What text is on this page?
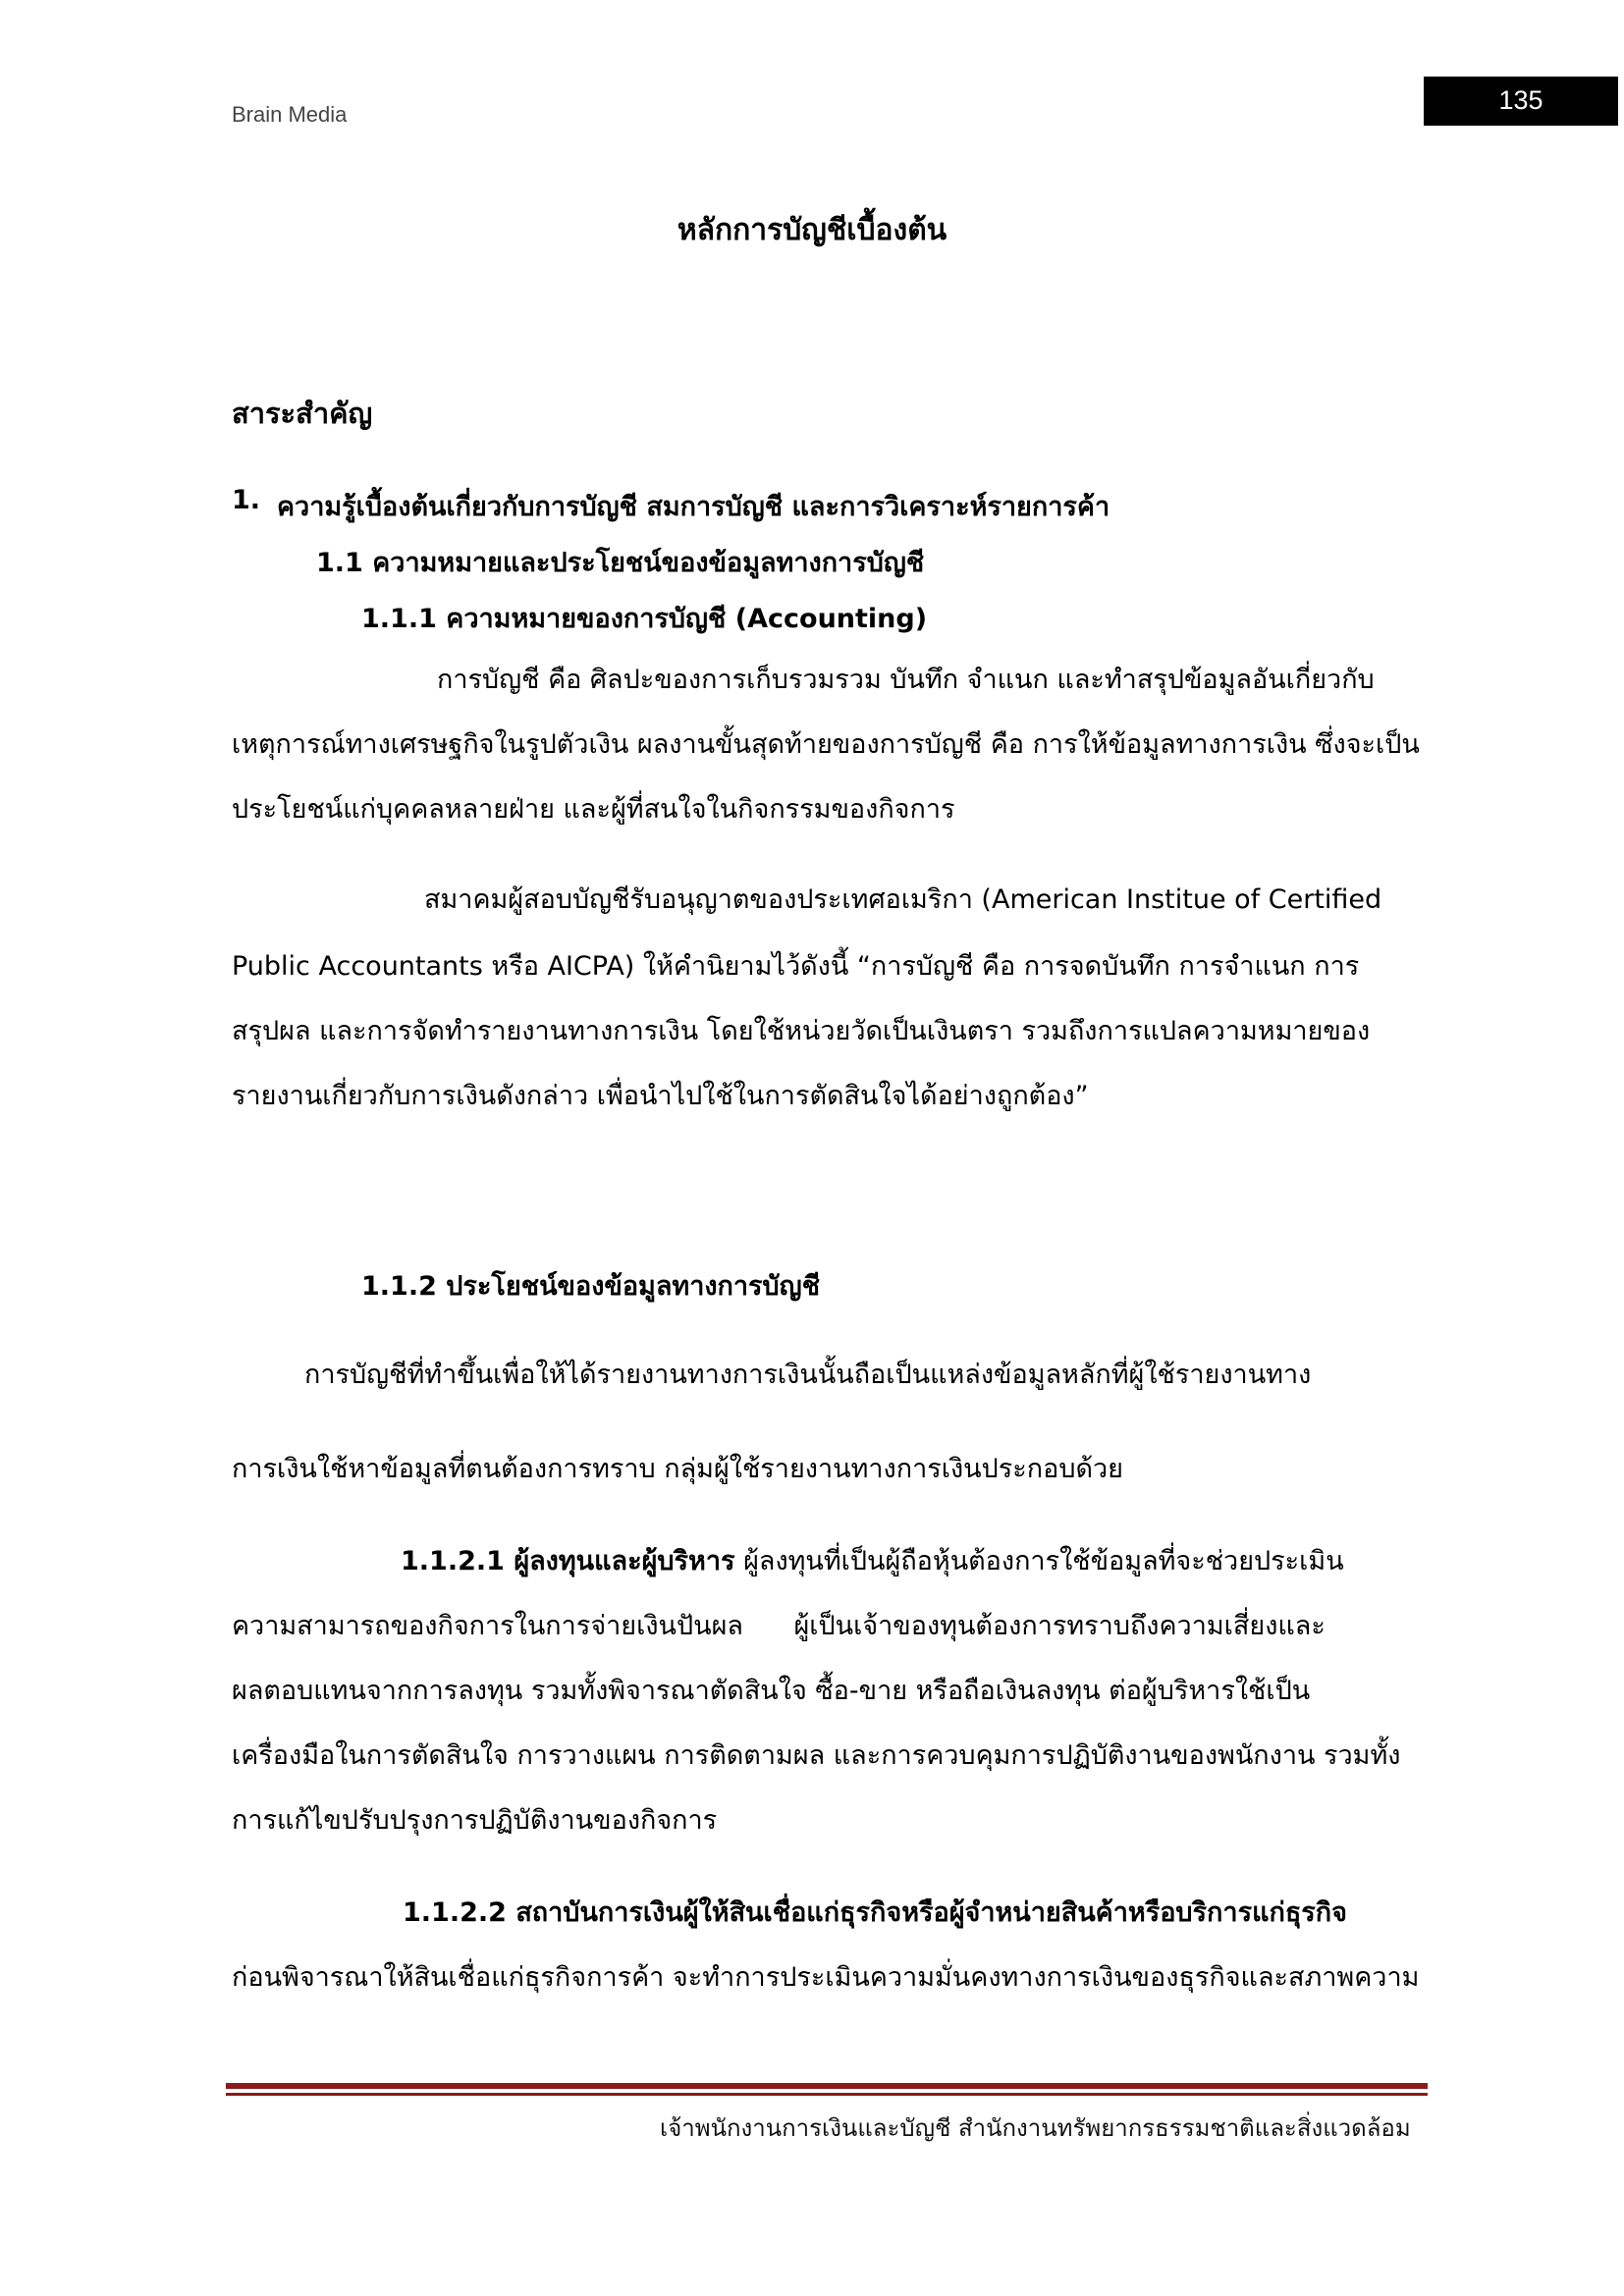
Brain Media	135
หลักการบัญชีเบื้องต้น
สาระสำคัญ
1. ความรู้เบื้องต้นเกี่ยวกับการบัญชี สมการบัญชี และการวิเคราะห์รายการค้า
1.1 ความหมายและประโยชน์ของข้อมูลทางการบัญชี
1.1.1 ความหมายของการบัญชี (Accounting)
การบัญชี คือ ศิลปะของการเก็บรวมรวม บันทึก จำแนก และทำสรุปข้อมูลอันเกี่ยวกับ
เหตุการณ์ทางเศรษฐกิจในรูปตัวเงิน ผลงานขั้นสุดท้ายของการบัญชี คือ การให้ข้อมูลทางการเงิน ซึ่งจะเป็น
ประโยชน์แก่บุคคลหลายฝ่าย และผู้ที่สนใจในกิจกรรมของกิจการ
สมาคมผู้สอบบัญชีรับอนุญาตของประเทศอเมริกา (American Institue of Certified
Public Accountants หรือ AICPA) ให้คำนิยามไว้ดังนี้ “การบัญชี คือ การจดบันทึก การจำแนก การ
สรุปผล และการจัดทำรายงานทางการเงิน โดยใช้หน่วยวัดเป็นเงินตรา รวมถึงการแปลความหมายของ
รายงานเกี่ยวกับการเงินดังกล่าว เพื่อนำไปใช้ในการตัดสินใจได้อย่างถูกต้อง”
1.1.2 ประโยชน์ของข้อมูลทางการบัญชี
การบัญชีที่ทำขึ้นเพื่อให้ได้รายงานทางการเงินนั้นถือเป็นแหล่งข้อมูลหลักที่ผู้ใช้รายงานทาง
การเงินใช้หาข้อมูลที่ตนต้องการทราบ กลุ่มผู้ใช้รายงานทางการเงินประกอบด้วย
1.1.2.1 ผู้ลงทุนและผู้บริหาร ผู้ลงทุนที่เป็นผู้ถือหุ้นต้องการใช้ข้อมูลที่จะช่วยประเมิน
ความสามารถของกิจการในการจ่ายเงินปันผล      ผู้เป็นเจ้าของทุนต้องการทราบถึงความเสี่ยงและ
ผลตอบแทนจากการลงทุน รวมทั้งพิจารณาตัดสินใจ ซื้อ-ขาย หรือถือเงินลงทุน ต่อผู้บริหารใช้เป็น
เครื่องมือในการตัดสินใจ การวางแผน การติดตามผล และการควบคุมการปฏิบัติงานของพนักงาน รวมทั้ง
การแก้ไขปรับปรุงการปฏิบัติงานของกิจการ
1.1.2.2 สถาบันการเงินผู้ให้สินเชื่อแก่ธุรกิจหรือผู้จำหน่ายสินค้าหรือบริการแก่ธุรกิจ
ก่อนพิจารณาให้สินเชื่อแก่ธุรกิจการค้า จะทำการประเมินความมั่นคงทางการเงินของธุรกิจและสภาพความ
เจ้าพนักงานการเงินและบัญชี สำนักงานทรัพยากรธรรมชาติและสิ่งแวดล้อม
